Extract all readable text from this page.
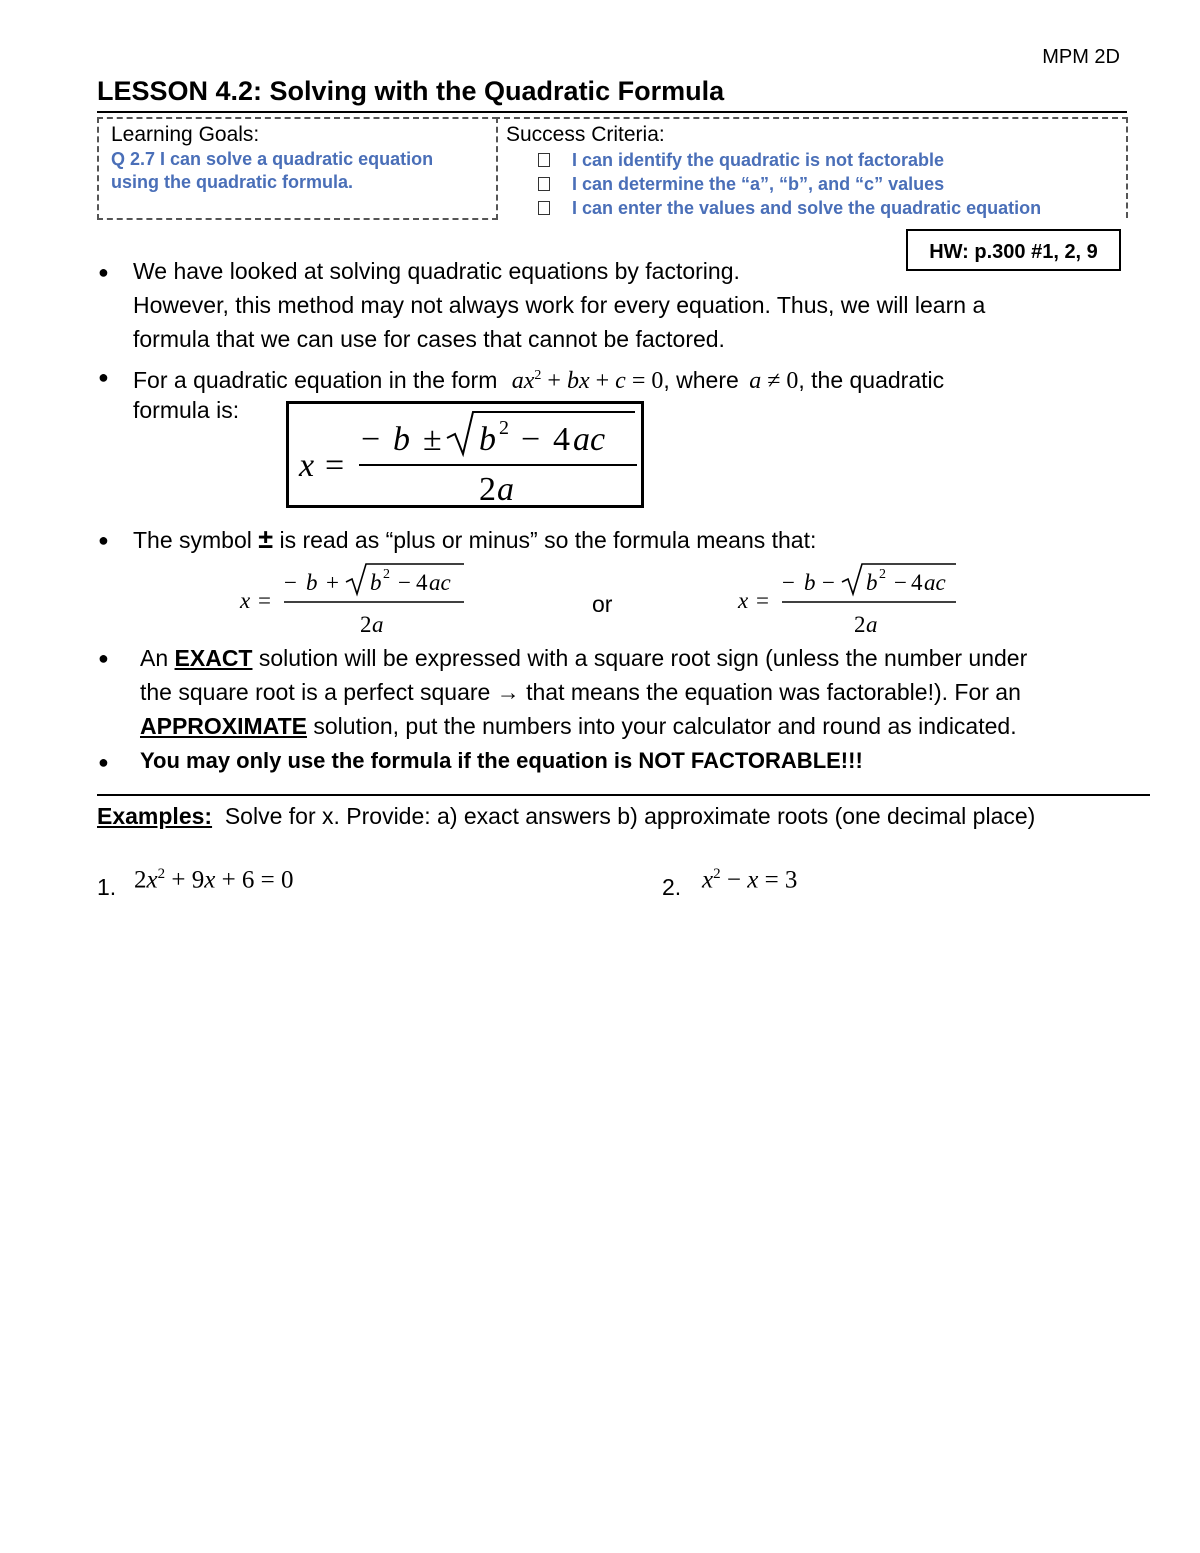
MPM 2D
LESSON 4.2: Solving with the Quadratic Formula
Learning Goals:
Q 2.7 I can solve a quadratic equation
using the quadratic formula.
Success Criteria:
I can identify the quadratic is not factorable
I can determine the “a”, “b”, and “c” values
I can enter the values and solve the quadratic equation
HW: p.300 #1, 2, 9
● We have looked at solving quadratic equations by factoring.
However, this method may not always work for every equation. Thus, we will learn a
formula that we can use for cases that cannot be factored.
● For a quadratic equation in the form $ax^2$ + bx + c = 0, where a ≠ 0, the quadratic
formula is:
x =
− b ± b 2 − 4 ac
2 a
● The symbol ± is read as “plus or minus” so the formula means that:
x =
− b + b 2 − 4 ac
2 a
or	x =
− b − b 2 − 4 ac
2 a
● An EXACT solution will be expressed with a square root sign (unless the number under
the square root is a perfect square → that means the equation was factorable!). For an
APPROXIMATE solution, put the numbers into your calculator and round as indicated.
● You may only use the formula if the equation is NOT FACTORABLE!!!
Examples: Solve for x. Provide: a) exact answers b) approximate roots (one decimal place)
1. $2x^2 + 9x + 6 = 0$	2. $x^2 - x = 3$
